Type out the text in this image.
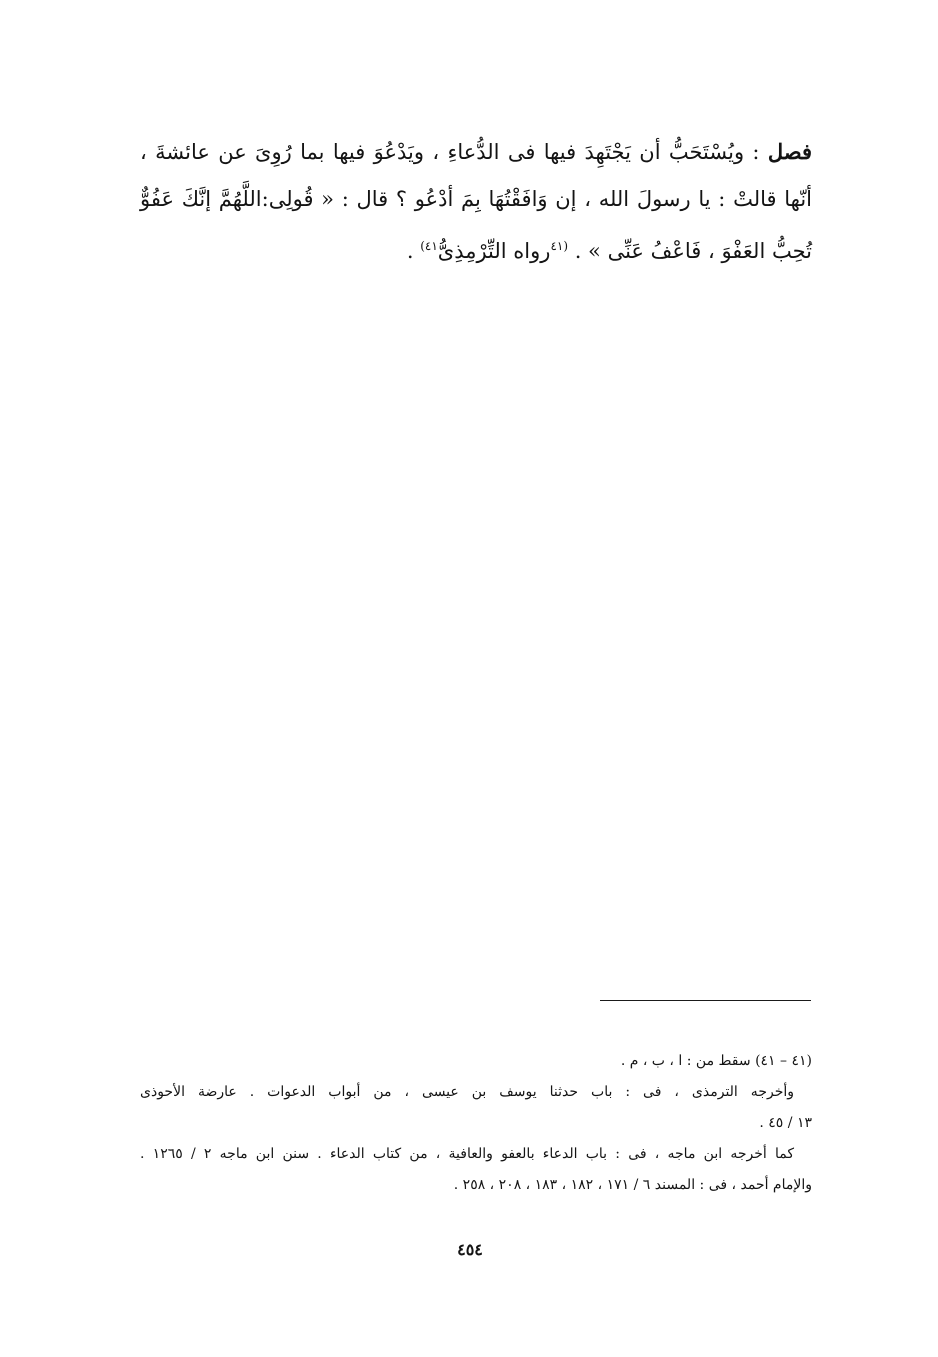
فصل : ويُسْتَحَبُّ أن يَجْتَهِدَ فيها فى الدُّعاءِ ، ويَدْعُوَ فيها بما رُوِىَ عن عائشةَ ، أنّها قالتْ : يا رسولَ الله ، إن وَافَقْتُهَا بِمَ أدْعُو ؟ قال : « قُولِى:اللَّهُمَّ إنَّكَ عَفُوٌّ تُحِبُّ العَفْوَ ، فَاعْفُ عَنِّى » . $^{(٤١}$رواه التِّرْمِذِىُّ$^{٤١)}$ .
(٤١ – ٤١) سقط من : ا ، ب ، م .
وأخرجه الترمذى ، فى : باب حدثنا يوسف بن عيسى ، من أبواب الدعوات . عارضة الأحوذى
١٣ / ٤٥ .
كما أخرجه ابن ماجه ، فى : باب الدعاء بالعفو والعافية ، من كتاب الدعاء . سنن ابن ماجه ٢ / ١٢٦٥ .
والإمام أحمد ، فى : المسند ٦ / ١٧١ ، ١٨٢ ، ١٨٣ ، ٢٠٨ ، ٢٥٨ .
٤٥٤
